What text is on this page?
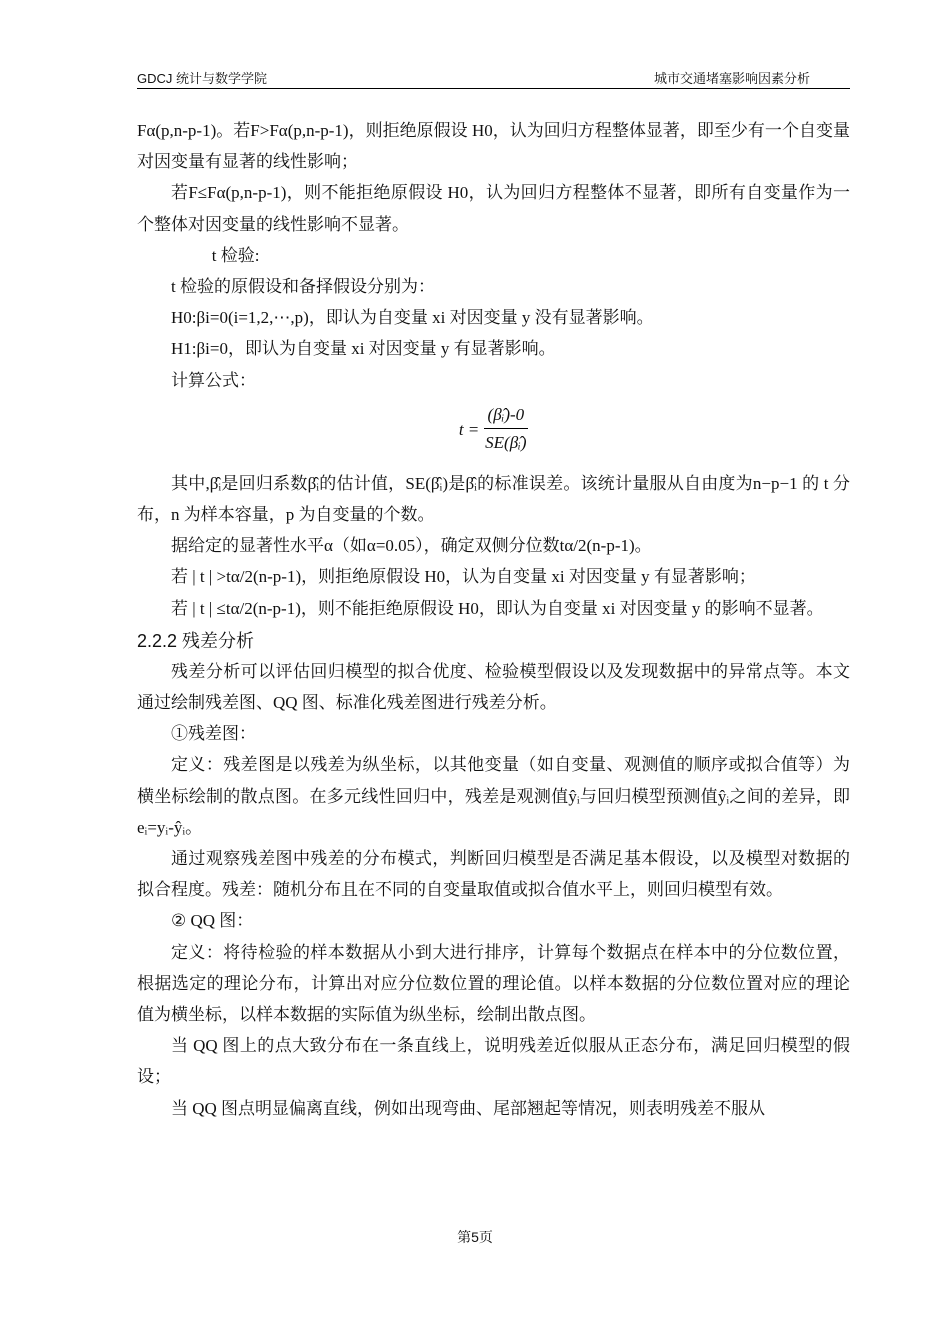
GDCJ 统计与数学学院	城市交通堵塞影响因素分析

Fα(p,n-p-1)。若F>Fα(p,n-p-1)，则拒绝原假设 H0，认为回归方程整体显著，即至少有一个自变量对因变量有显著的线性影响；

若F≤Fα(p,n-p-1)，则不能拒绝原假设 H0，认为回归方程整体不显著，即所有自变量作为一个整体对因变量的线性影响不显著。

t 检验:

t 检验的原假设和备择假设分别为：

H0:βi=0(i=1,2,⋯,p)，即认为自变量 xi 对因变量 y 没有显著影响。

H1:βi=0，即认为自变量 xi 对因变量 y 有显著影响。

计算公式：

$t = \frac{\text{(β̂ᵢ)-0}}{\text{SE(β̂ᵢ)}}$

其中,β̂ᵢ是回归系数β̂ᵢ的估计值，SE(β̂ᵢ)是β̂ᵢ的标准误差。该统计量服从自由度为n−p−1 的 t 分布，n 为样本容量，p 为自变量的个数。

据给定的显著性水平α（如α=0.05），确定双侧分位数tα/2(n-p-1)。

若 | t | >tα/2(n-p-1)，则拒绝原假设 H0，认为自变量 xi 对因变量 y 有显著影响；

若 | t | ≤tα/2(n-p-1)，则不能拒绝原假设 H0，即认为自变量 xi 对因变量 y 的影响不显著。

2.2.2 残差分析

残差分析可以评估回归模型的拟合优度、检验模型假设以及发现数据中的异常点等。本文通过绘制残差图、QQ 图、标准化残差图进行残差分析。

①残差图：

定义：残差图是以残差为纵坐标，以其他变量（如自变量、观测值的顺序或拟合值等）为横坐标绘制的散点图。在多元线性回归中，残差是观测值ŷᵢ与回归模型预测值ŷᵢ之间的差异，即eᵢ=yᵢ-ŷᵢ。

通过观察残差图中残差的分布模式，判断回归模型是否满足基本假设，以及模型对数据的拟合程度。残差：随机分布且在不同的自变量取值或拟合值水平上，则回归模型有效。

② QQ 图：

定义：将待检验的样本数据从小到大进行排序，计算每个数据点在样本中的分位数位置，根据选定的理论分布，计算出对应分位数位置的理论值。以样本数据的分位数位置对应的理论值为横坐标，以样本数据的实际值为纵坐标，绘制出散点图。

当 QQ 图上的点大致分布在一条直线上，说明残差近似服从正态分布，满足回归模型的假设；

当 QQ 图点明显偏离直线，例如出现弯曲、尾部翘起等情况，则表明残差不服从

第5页
